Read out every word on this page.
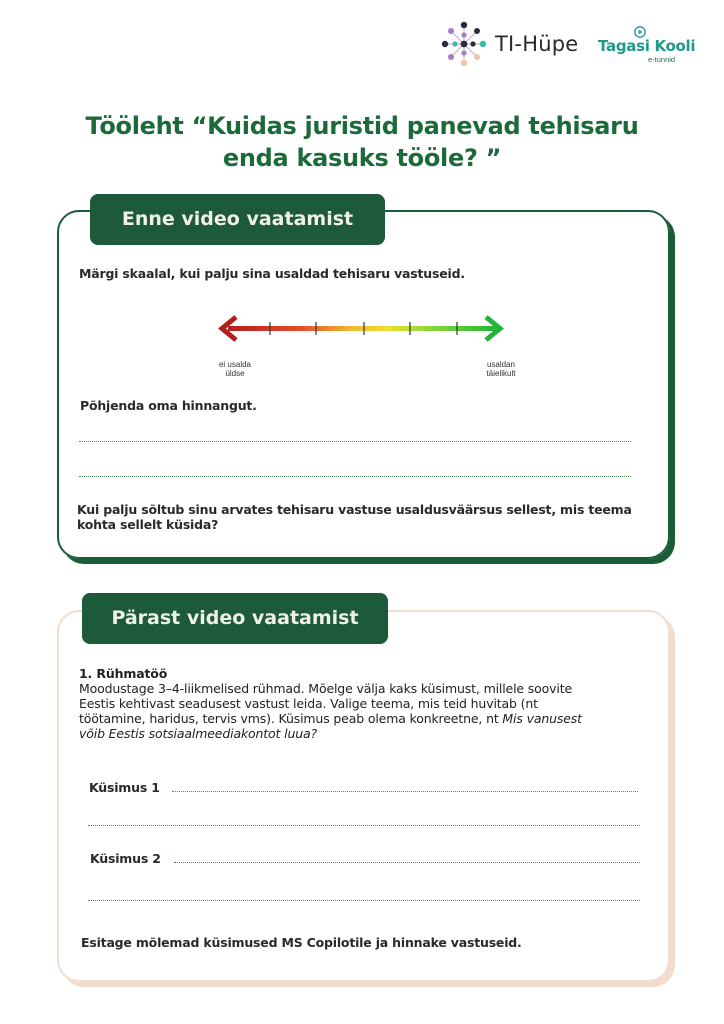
TI-Hüpe Tagasi Kooli
e-tunnid
Tööleht “Kuidas juristid panevad tehisaru
enda kasuks tööle? ”
Enne video vaatamist
Märgi skaalal, kui palju sina usaldad tehisaru vastuseid.
ei usalda
üldse
usaldan
täielikult
Põhjenda oma hinnangut.
Kui palju sõltub sinu arvates tehisaru vastuse usaldusväärsus sellest, mis teema
kohta sellelt küsida?
Pärast video vaatamist
1. Rühmatöö
Moodustage 3–4-liikmelised rühmad. Mõelge välja kaks küsimust, millele soovite
Eestis kehtivast seadusest vastust leida. Valige teema, mis teid huvitab (nt
töötamine, haridus, tervis vms). Küsimus peab olema konkreetne, nt Mis vanusest
võib Eestis sotsiaalmeediakontot luua?
Küsimus 1
Küsimus 2
Esitage mõlemad küsimused MS Copilotile ja hinnake vastuseid.
